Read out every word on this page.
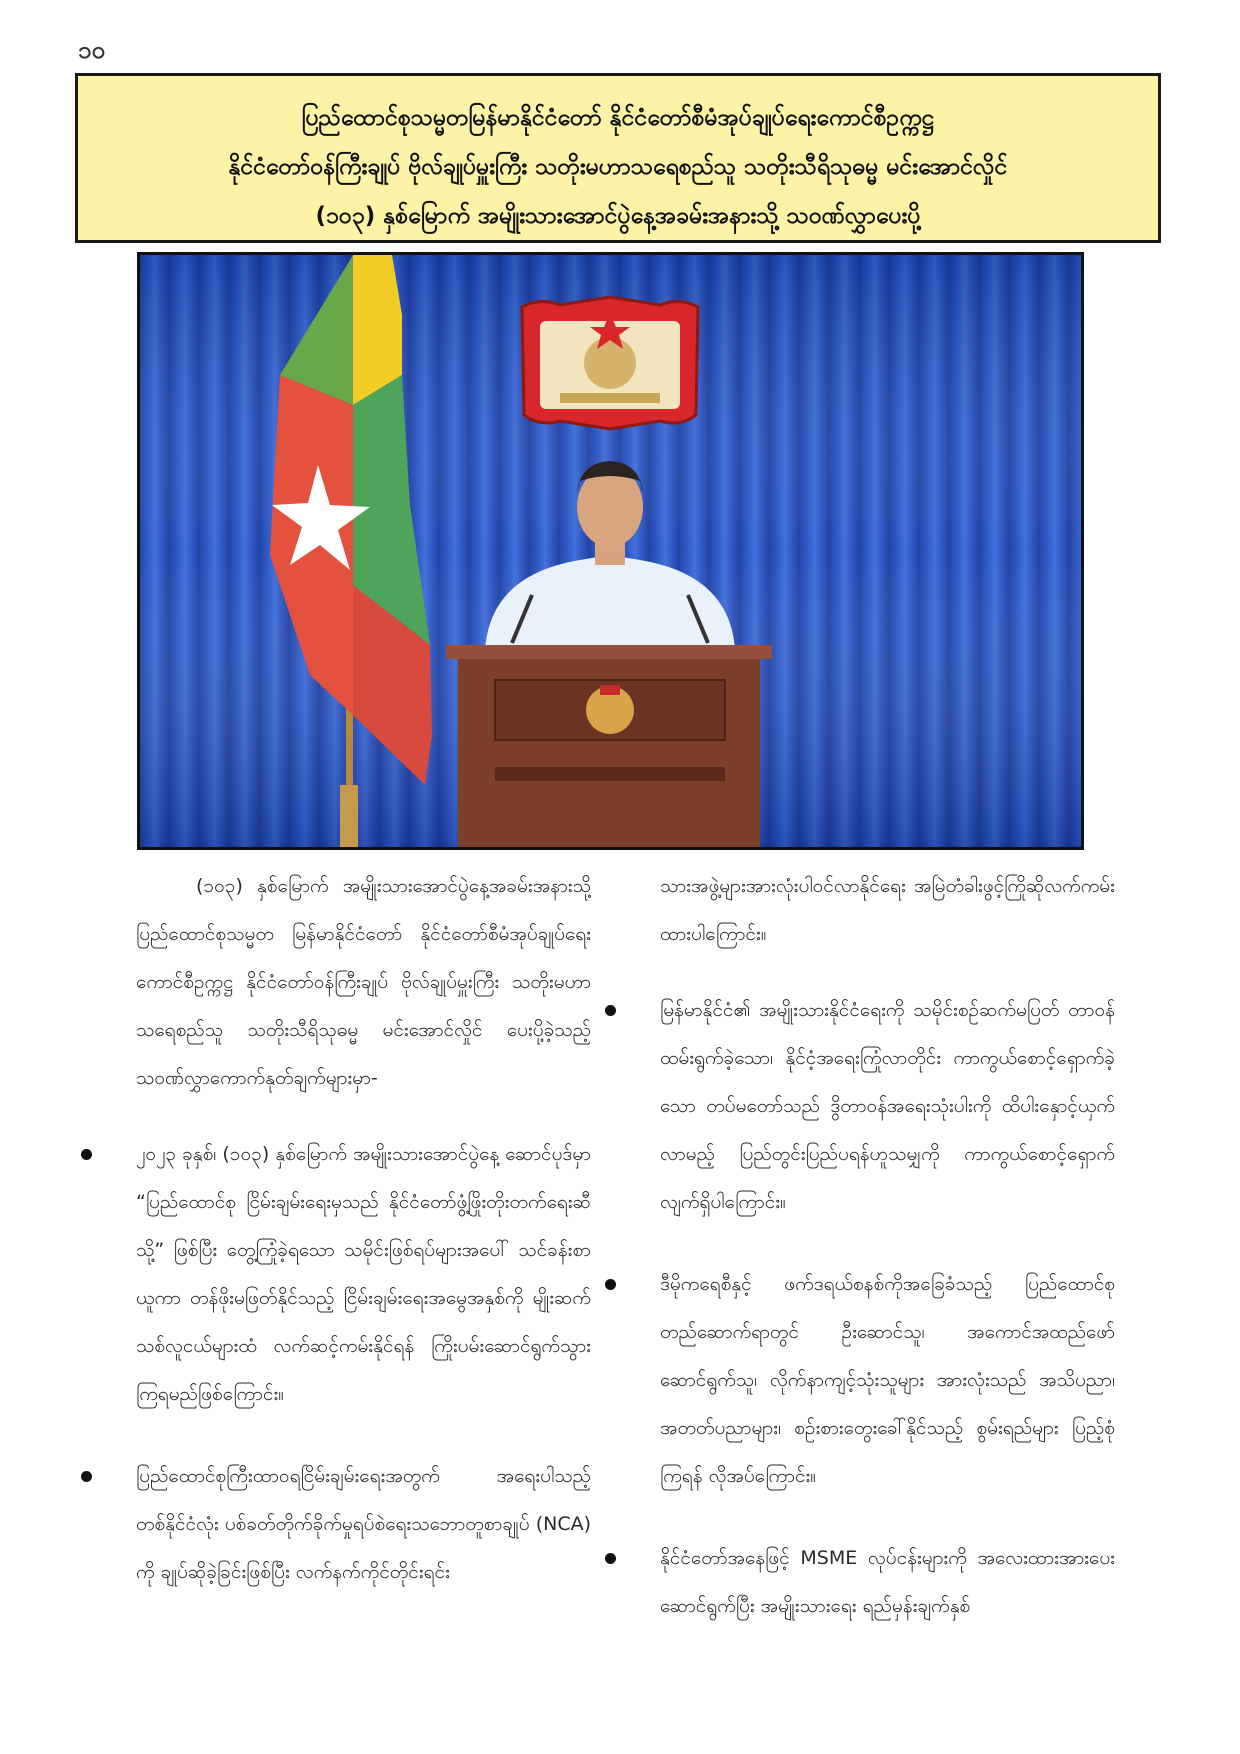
၁၀
ပြည်ထောင်စုသမ္မတမြန်မာနိုင်ငံတော် နိုင်ငံတော်စီမံအုပ်ချုပ်ရေးကောင်စီဥက္ကဋ္ဌ
နိုင်ငံတော်ဝန်ကြီးချုပ် ဗိုလ်ချုပ်မှူးကြီး သတိုးမဟာသရေစည်သူ သတိုးသီရိသုဓမ္မ မင်းအောင်လှိုင်
(၁၀၃) နှစ်မြောက် အမျိုးသားအောင်ပွဲနေ့အခမ်းအနားသို့ သဝဏ်လွှာပေးပို့

(၁၀၃) နှစ်မြောက် အမျိုးသားအောင်ပွဲနေ့အခမ်းအနားသို့ ပြည်ထောင်စုသမ္မတ မြန်မာနိုင်ငံတော် နိုင်ငံတော်စီမံအုပ်ချုပ်ရေးကောင်စီဥက္ကဋ္ဌ နိုင်ငံတော်ဝန်ကြီးချုပ် ဗိုလ်ချုပ်မှူးကြီး သတိုးမဟာသရေစည်သူ သတိုးသီရိသုဓမ္မ မင်းအောင်လှိုင် ပေးပို့ခဲ့သည့် သဝဏ်လွှာကောက်နုတ်ချက်များမှာ-

၂၀၂၃ ခုနှစ်၊ (၁၀၃) နှစ်မြောက် အမျိုးသားအောင်ပွဲနေ့ ဆောင်ပုဒ်မှာ “ပြည်ထောင်စု ငြိမ်းချမ်းရေးမှသည် နိုင်ငံတော်ဖွံ့ဖြိုးတိုးတက်ရေးဆီသို့” ဖြစ်ပြီး တွေ့ကြုံခဲ့ရသော သမိုင်းဖြစ်ရပ်များအပေါ် သင်ခန်းစာယူကာ တန်ဖိုးမဖြတ်နိုင်သည့် ငြိမ်းချမ်းရေးအမွေအနှစ်ကို မျိုးဆက်သစ်လူငယ်များထံ လက်ဆင့်ကမ်းနိုင်ရန် ကြိုးပမ်းဆောင်ရွက်သွားကြရမည်ဖြစ်ကြောင်း။

ပြည်ထောင်စုကြီးထာဝရငြိမ်းချမ်းရေးအတွက် အရေးပါသည့် တစ်နိုင်ငံလုံး ပစ်ခတ်တိုက်ခိုက်မှုရပ်စဲရေးသဘောတူစာချုပ် (NCA) ကို ချုပ်ဆိုခဲ့ခြင်းဖြစ်ပြီး လက်နက်ကိုင်တိုင်းရင်း

သားအဖွဲ့များအားလုံးပါဝင်လာနိုင်ရေး အမြဲတံခါးဖွင့်ကြိုဆိုလက်ကမ်းထားပါကြောင်း။

မြန်မာနိုင်ငံ၏ အမျိုးသားနိုင်ငံရေးကို သမိုင်းစဉ်ဆက်မပြတ် တာဝန်ထမ်းရွက်ခဲ့သော၊ နိုင်ငံ့အရေးကြုံလာတိုင်း ကာကွယ်စောင့်ရှောက်ခဲ့သော တပ်မတော်သည် ဒွိတာဝန်အရေးသုံးပါးကို ထိပါးနှောင့်ယှက်လာမည့် ပြည်တွင်းပြည်ပရန်ဟူသမျှကို ကာကွယ်စောင့်ရှောက်လျက်ရှိပါကြောင်း။

ဒီမိုကရေစီနှင့် ဖက်ဒရယ်စနစ်ကိုအခြေခံသည့် ပြည်ထောင်စုတည်ဆောက်ရာတွင် ဦးဆောင်သူ၊ အကောင်အထည်ဖော်ဆောင်ရွက်သူ၊ လိုက်နာကျင့်သုံးသူများ အားလုံးသည် အသိပညာ၊ အတတ်ပညာများ၊ စဉ်းစားတွေးခေါ်နိုင်သည့် စွမ်းရည်များ ပြည့်စုံကြရန် လိုအပ်ကြောင်း။

နိုင်ငံတော်အနေဖြင့် MSME လုပ်ငန်းများကို အလေးထားအားပေးဆောင်ရွက်ပြီး အမျိုးသားရေး ရည်မှန်းချက်နှစ်
